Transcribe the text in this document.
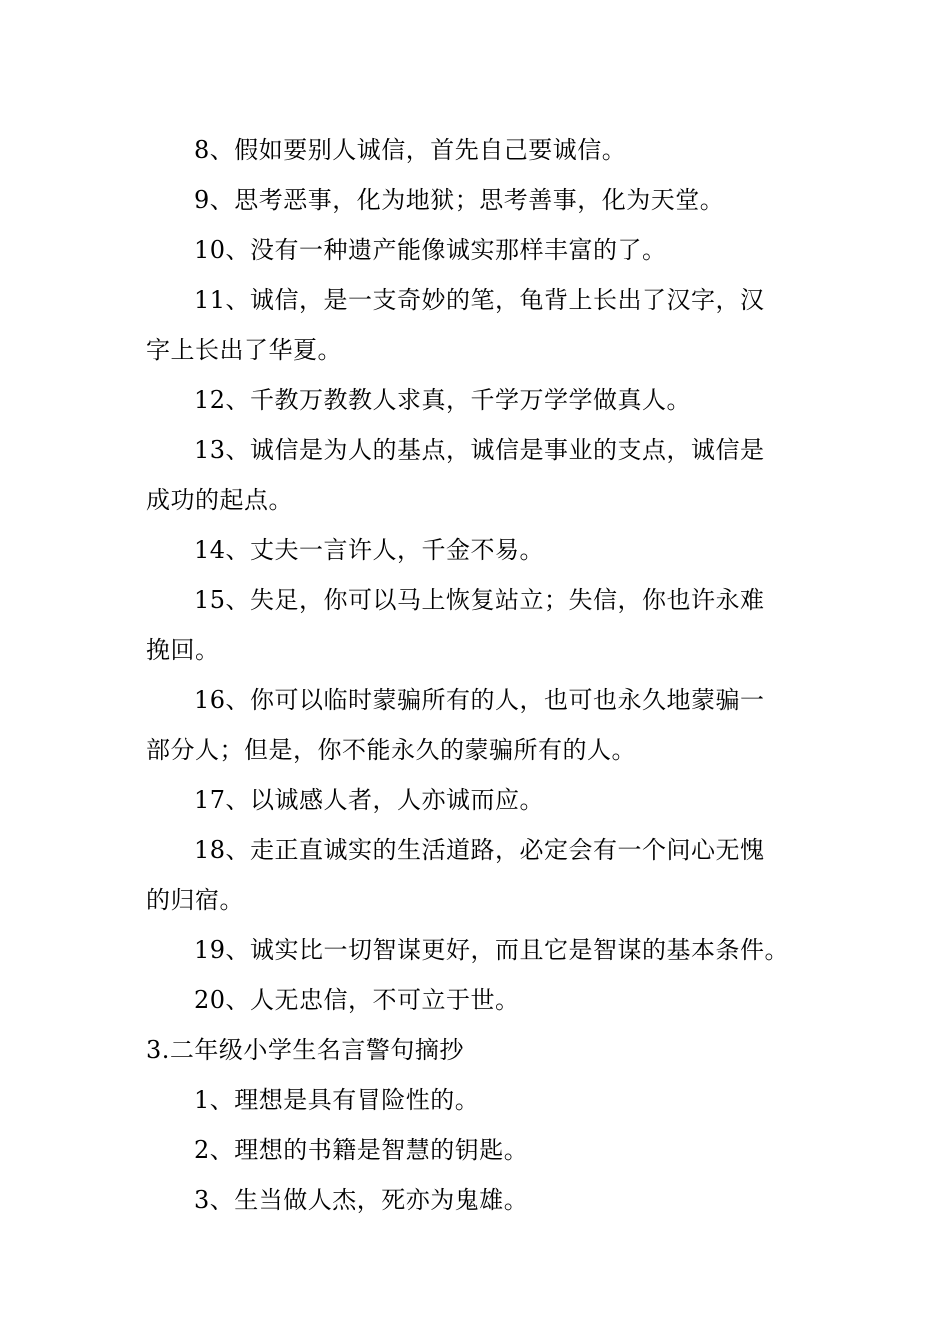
8、假如要别人诚信，首先自己要诚信。
9、思考恶事，化为地狱；思考善事，化为天堂。
10、没有一种遗产能像诚实那样丰富的了。
11、诚信，是一支奇妙的笔，龟背上长出了汉字，汉
字上长出了华夏。
12、千教万教教人求真，千学万学学做真人。
13、诚信是为人的基点，诚信是事业的支点，诚信是
成功的起点。
14、丈夫一言许人，千金不易。
15、失足，你可以马上恢复站立；失信，你也许永难
挽回。
16、你可以临时蒙骗所有的人，也可也永久地蒙骗一
部分人；但是，你不能永久的蒙骗所有的人。
17、以诚感人者，人亦诚而应。
18、走正直诚实的生活道路，必定会有一个问心无愧
的归宿。
19、诚实比一切智谋更好，而且它是智谋的基本条件。
20、人无忠信，不可立于世。
3.二年级小学生名言警句摘抄
1、理想是具有冒险性的。
2、理想的书籍是智慧的钥匙。
3、生当做人杰，死亦为鬼雄。
